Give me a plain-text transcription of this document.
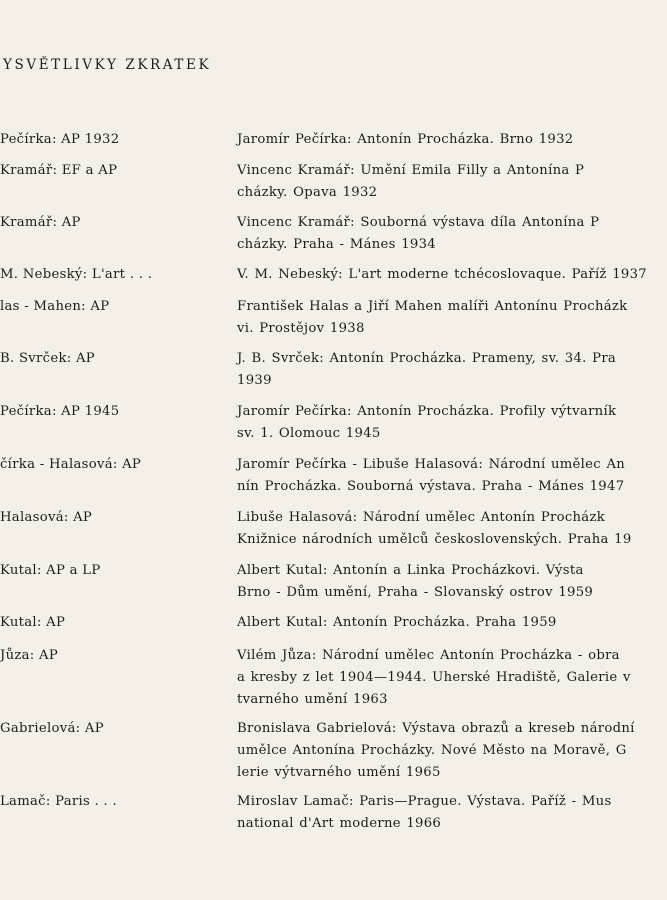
YSVĚTLIVKY ZKRATEK
Pečírka: AP 1932	Jaromír Pečírka: Antonín Procházka. Brno 1932
Kramář: EF a AP	Vincenc Kramář: Umění Emila Filly a Antonína P
cházky. Opava 1932
Kramář: AP	Vincenc Kramář: Souborná výstava díla Antonína P
cházky. Praha - Mánes 1934
M. Nebeský: L'art . . .	V. M. Nebeský: L'art moderne tchécoslovaque. Paříž 1937
las - Mahen: AP	František Halas a Jiří Mahen malíři Antonínu Procházk
vi. Prostějov 1938
B. Svrček: AP	J. B. Svrček: Antonín Procházka. Prameny, sv. 34. Pra
1939
Pečírka: AP 1945	Jaromír Pečírka: Antonín Procházka. Profily výtvarník
sv. 1. Olomouc 1945
čírka - Halasová: AP	Jaromír Pečírka - Libuše Halasová: Národní umělec An
nín Procházka. Souborná výstava. Praha - Mánes 1947
Halasová: AP	Libuše Halasová: Národní umělec Antonín Procházk
Knižnice národních umělců československých. Praha 19
Kutal: AP a LP	Albert Kutal: Antonín a Linka Procházkovi. Výsta
Brno - Dům umění, Praha - Slovanský ostrov 1959
Kutal: AP	Albert Kutal: Antonín Procházka. Praha 1959
Jůza: AP	Vilém Jůza: Národní umělec Antonín Procházka - obra
a kresby z let 1904—1944. Uherské Hradiště, Galerie v
tvarného umění 1963
Gabrielová: AP	Bronislava Gabrielová: Výstava obrazů a kreseb národní
umělce Antonína Procházky. Nové Město na Moravě, G
lerie výtvarného umění 1965
Lamač: Paris . . .	Miroslav Lamač: Paris—Prague. Výstava. Paříž - Mus
national d'Art moderne 1966
